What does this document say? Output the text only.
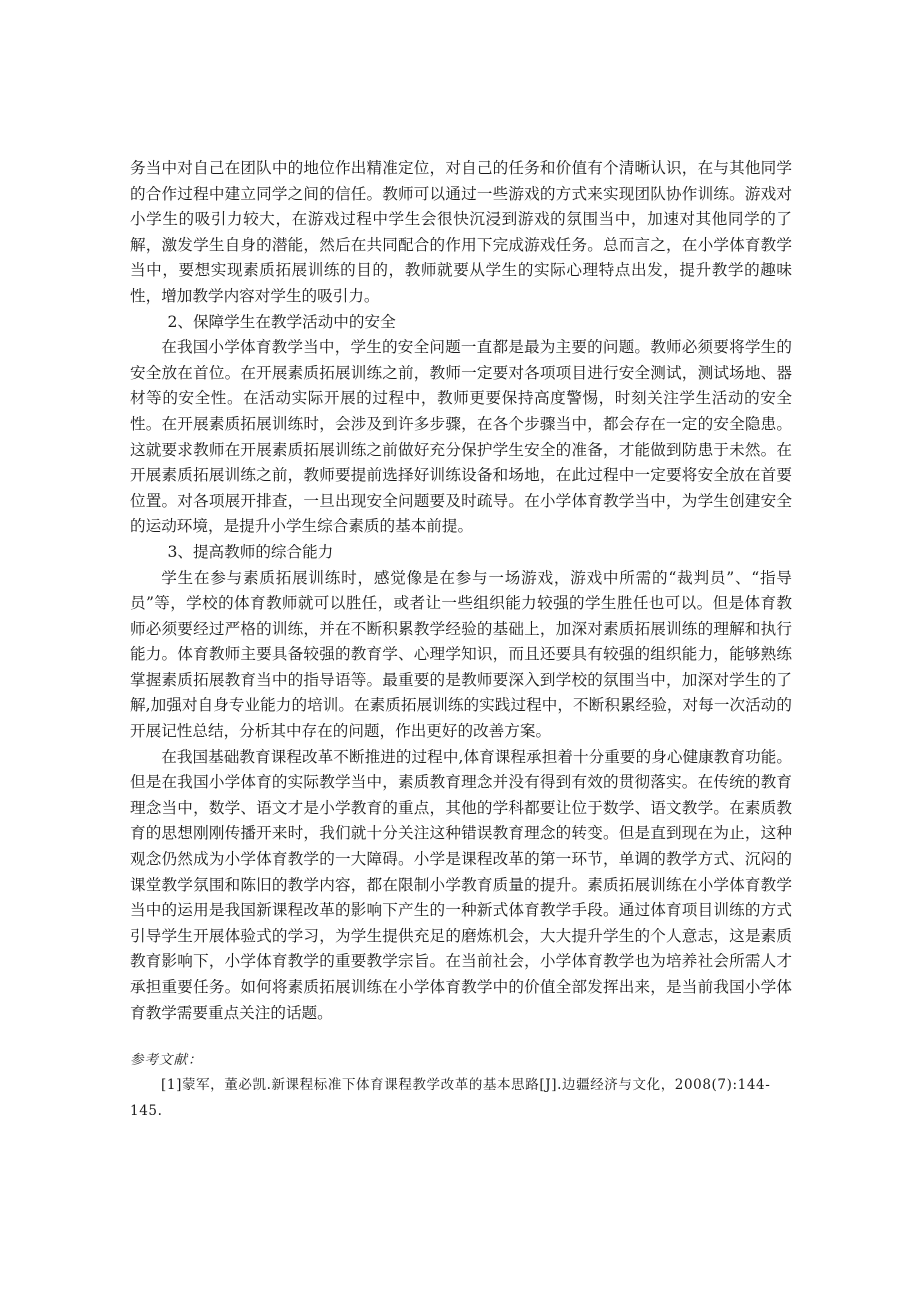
务当中对自己在团队中的地位作出精准定位，对自己的任务和价值有个清晰认识，在与其他同学的合作过程中建立同学之间的信任。教师可以通过一些游戏的方式来实现团队协作训练。游戏对小学生的吸引力较大，在游戏过程中学生会很快沉浸到游戏的氛围当中，加速对其他同学的了解，激发学生自身的潜能，然后在共同配合的作用下完成游戏任务。总而言之，在小学体育教学当中，要想实现素质拓展训练的目的，教师就要从学生的实际心理特点出发，提升教学的趣味性，增加教学内容对学生的吸引力。

2、保障学生在教学活动中的安全

在我国小学体育教学当中，学生的安全问题一直都是最为主要的问题。教师必须要将学生的安全放在首位。在开展素质拓展训练之前，教师一定要对各项项目进行安全测试，测试场地、器材等的安全性。在活动实际开展的过程中，教师更要保持高度警惕，时刻关注学生活动的安全性。在开展素质拓展训练时，会涉及到许多步骤，在各个步骤当中，都会存在一定的安全隐患。这就要求教师在开展素质拓展训练之前做好充分保护学生安全的准备，才能做到防患于未然。在开展素质拓展训练之前，教师要提前选择好训练设备和场地，在此过程中一定要将安全放在首要位置。对各项展开排查，一旦出现安全问题要及时疏导。在小学体育教学当中，为学生创建安全的运动环境，是提升小学生综合素质的基本前提。

3、提高教师的综合能力

学生在参与素质拓展训练时，感觉像是在参与一场游戏，游戏中所需的“裁判员”、“指导员”等，学校的体育教师就可以胜任，或者让一些组织能力较强的学生胜任也可以。但是体育教师必须要经过严格的训练，并在不断积累教学经验的基础上，加深对素质拓展训练的理解和执行能力。体育教师主要具备较强的教育学、心理学知识，而且还要具有较强的组织能力，能够熟练掌握素质拓展教育当中的指导语等。最重要的是教师要深入到学校的氛围当中，加深对学生的了解,加强对自身专业能力的培训。在素质拓展训练的实践过程中，不断积累经验，对每一次活动的开展记性总结，分析其中存在的问题，作出更好的改善方案。

在我国基础教育课程改革不断推进的过程中,体育课程承担着十分重要的身心健康教育功能。但是在我国小学体育的实际教学当中，素质教育理念并没有得到有效的贯彻落实。在传统的教育理念当中，数学、语文才是小学教育的重点，其他的学科都要让位于数学、语文教学。在素质教育的思想刚刚传播开来时，我们就十分关注这种错误教育理念的转变。但是直到现在为止，这种观念仍然成为小学体育教学的一大障碍。小学是课程改革的第一环节，单调的教学方式、沉闷的课堂教学氛围和陈旧的教学内容，都在限制小学教育质量的提升。素质拓展训练在小学体育教学当中的运用是我国新课程改革的影响下产生的一种新式体育教学手段。通过体育项目训练的方式引导学生开展体验式的学习，为学生提供充足的磨炼机会，大大提升学生的个人意志，这是素质教育影响下，小学体育教学的重要教学宗旨。在当前社会，小学体育教学也为培养社会所需人才承担重要任务。如何将素质拓展训练在小学体育教学中的价值全部发挥出来，是当前我国小学体育教学需要重点关注的话题。

参考文献：

[1]蒙军，董必凯.新课程标准下体育课程教学改革的基本思路[J].边疆经济与文化，2008(7):144-145.
